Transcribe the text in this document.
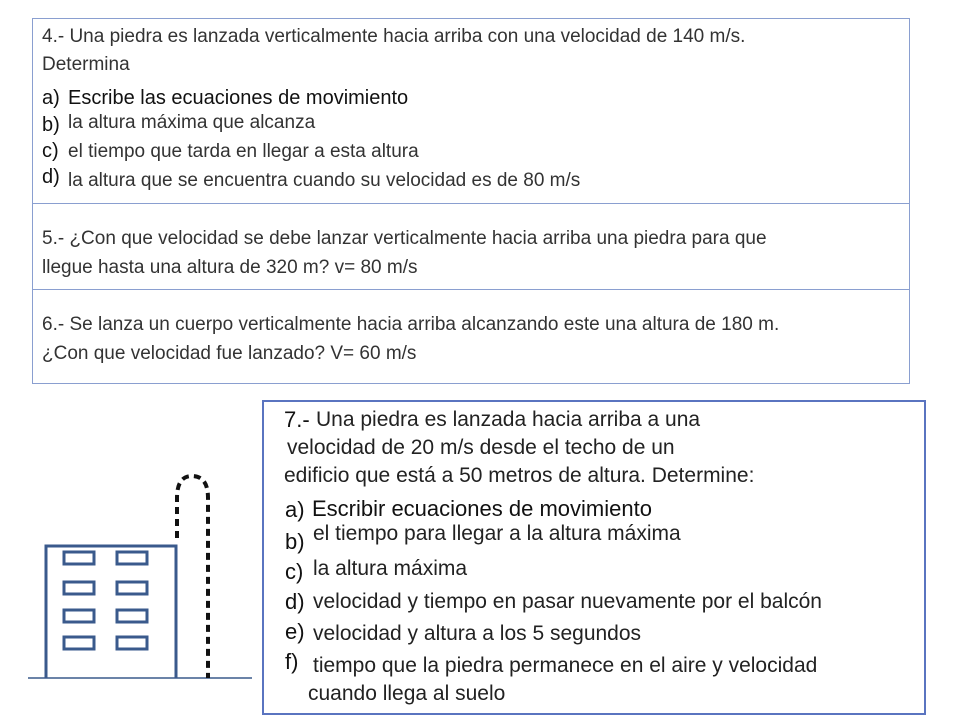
4.- Una piedra es lanzada verticalmente hacia arriba con una velocidad de 140 m/s.
Determina
a) Escribe las ecuaciones de movimiento
b) la altura máxima que alcanza
c) el tiempo que tarda en llegar a esta altura
d) la altura que se encuentra cuando su velocidad es de 80 m/s
5.- ¿Con que velocidad se debe lanzar verticalmente hacia arriba una piedra para que
llegue hasta una altura de 320 m? v= 80 m/s
6.- Se lanza un cuerpo verticalmente hacia arriba alcanzando este una altura de 180 m.
¿Con que velocidad fue lanzado? V= 60 m/s
7.- Una piedra es lanzada hacia arriba a una
velocidad de 20 m/s desde el techo de un
edificio que está a 50 metros de altura. Determine:
a) Escribir ecuaciones de movimiento
b) el tiempo para llegar a la altura máxima
c) la altura máxima
d) velocidad y tiempo en pasar nuevamente por el balcón
e) velocidad y altura a los 5 segundos
f) tiempo que la piedra permanece en el aire y velocidad
cuando llega al suelo
